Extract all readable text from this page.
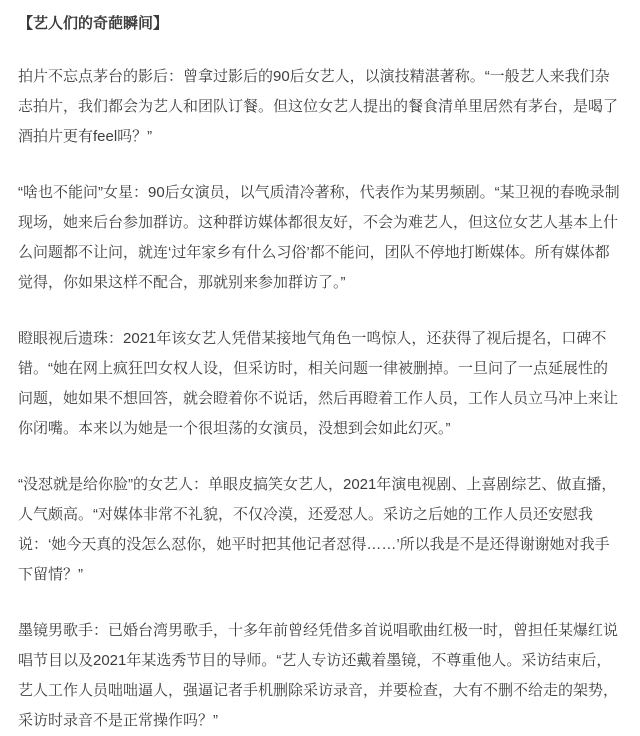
【艺人们的奇葩瞬间】

拍片不忘点茅台的影后：曾拿过影后的90后女艺人，以演技精湛著称。“一般艺人来我们杂志拍片，我们都会为艺人和团队订餐。但这位女艺人提出的餐食清单里居然有茅台，是喝了酒拍片更有feel吗？”

“啥也不能问”女星：90后女演员，以气质清冷著称，代表作为某男频剧。“某卫视的春晚录制现场，她来后台参加群访。这种群访媒体都很友好，不会为难艺人，但这位女艺人基本上什么问题都不让问，就连‘过年家乡有什么习俗’都不能问，团队不停地打断媒体。所有媒体都觉得，你如果这样不配合，那就别来参加群访了。”

瞪眼视后遗珠：2021年该女艺人凭借某接地气角色一鸣惊人，还获得了视后提名，口碑不错。“她在网上疯狂凹女权人设，但采访时，相关问题一律被删掉。一旦问了一点延展性的问题，她如果不想回答，就会瞪着你不说话，然后再瞪着工作人员，工作人员立马冲上来让你闭嘴。本来以为她是一个很坦荡的女演员，没想到会如此幻灭。”

“没怼就是给你脸”的女艺人：单眼皮搞笑女艺人，2021年演电视剧、上喜剧综艺、做直播，人气颇高。“对媒体非常不礼貌，不仅冷漠，还爱怼人。采访之后她的工作人员还安慰我说：‘她今天真的没怎么怼你，她平时把其他记者怼得……’所以我是不是还得谢谢她对我手下留情？”

墨镜男歌手：已婚台湾男歌手，十多年前曾经凭借多首说唱歌曲红极一时，曾担任某爆红说唱节目以及2021年某选秀节目的导师。“艺人专访还戴着墨镜，不尊重他人。采访结束后，艺人工作人员咄咄逼人，强逼记者手机删除采访录音，并要检查，大有不删不给走的架势，采访时录音不是正常操作吗？”
